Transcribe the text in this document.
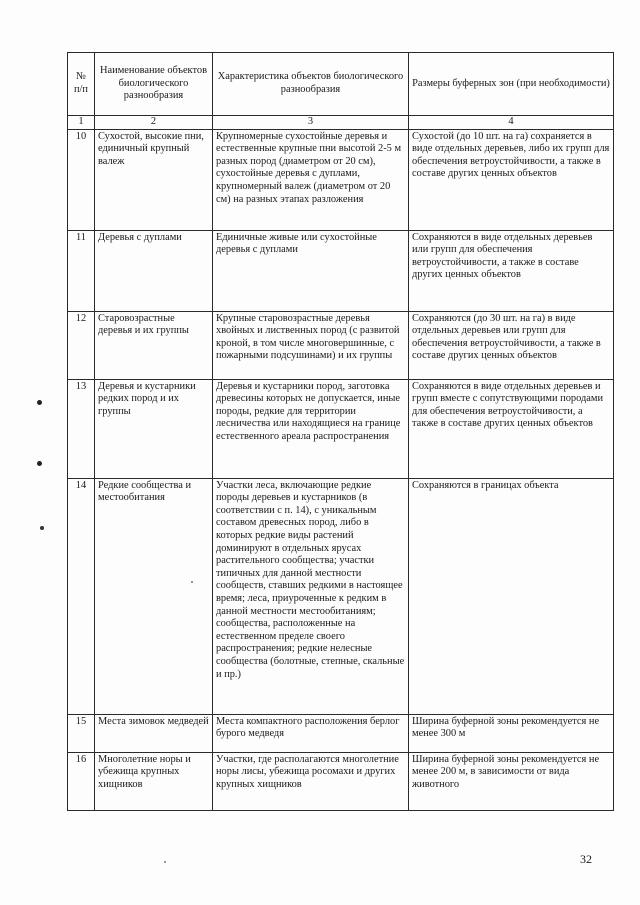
№ п/п	Наименование объектов биологического разнообразия	Характеристика объектов биологического разнообразия	Размеры буферных зон (при необходимости)
1	2	3	4
10	Сухостой, высокие пни, единичный крупный валеж	Крупномерные сухостойные деревья и естественные крупные пни высотой 2-5 м разных пород (диаметром от 20 см), сухостойные деревья с дуплами, крупномерный валеж (диаметром от 20 см) на разных этапах разложения	Сухостой (до 10 шт. на га) сохраняется в виде отдельных деревьев, либо их групп для обеспечения ветроустойчивости, а также в составе других ценных объектов
11	Деревья с дуплами	Единичные живые или сухостойные деревья с дуплами	Сохраняются в виде отдельных деревьев или групп для обеспечения ветроустойчивости, а также в составе других ценных объектов
12	Старовозрастные деревья и их группы	Крупные старовозрастные деревья хвойных и лиственных пород (с развитой кроной, в том числе многовершинные, с пожарными подсушинами) и их группы	Сохраняются (до 30 шт. на га) в виде отдельных деревьев или групп для обеспечения ветроустойчивости, а также в составе других ценных объектов
13	Деревья и кустарники редких пород и их группы	Деревья и кустарники пород, заготовка древесины которых не допускается, иные породы, редкие для территории лесничества или находящиеся на границе естественного ареала распространения	Сохраняются в виде отдельных деревьев и групп вместе с сопутствующими породами для обеспечения ветроустойчивости, а также в составе других ценных объектов
14	Редкие сообщества и местообитания	Участки леса, включающие редкие породы деревьев и кустарников (в соответствии с п. 14), с уникальным составом древесных пород, либо в которых редкие виды растений доминируют в отдельных ярусах растительного сообщества; участки типичных для данной местности сообществ, ставших редкими в настоящее время; леса, приуроченные к редким в данной местности местообитаниям; сообщества, расположенные на естественном пределе своего распространения; редкие нелесные сообщества (болотные, степные, скальные и пр.)	Сохраняются в границах объекта
15	Места зимовок медведей	Места компактного расположения берлог бурого медведя	Ширина буферной зоны рекомендуется не менее 300 м
16	Многолетние норы и убежища крупных хищников	Участки, где располагаются многолетние норы лисы, убежища росомахи и других крупных хищников	Ширина буферной зоны рекомендуется не менее 200 м, в зависимости от вида животного
32
